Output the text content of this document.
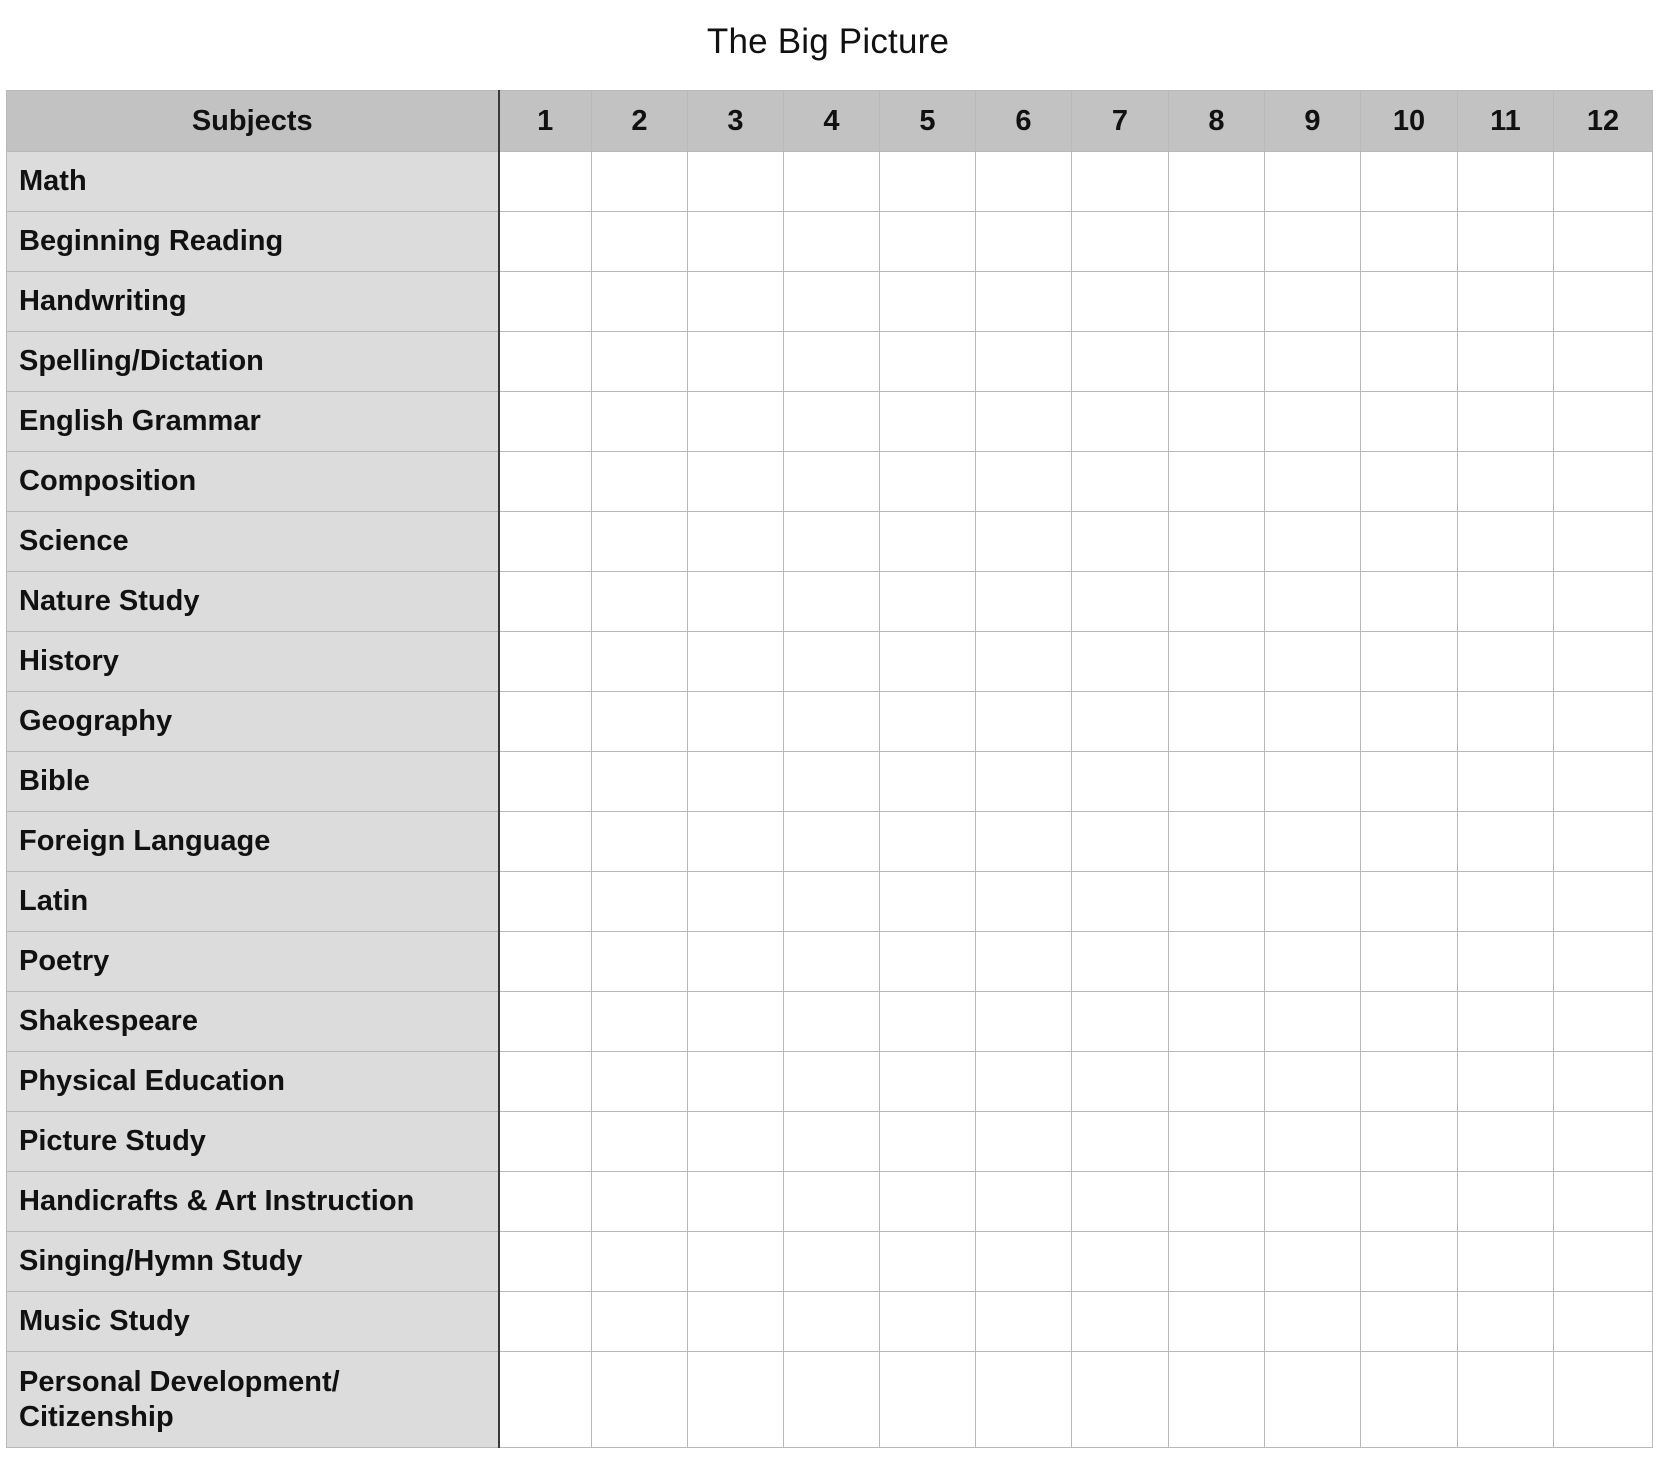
The Big Picture
Subjects	1	2	3	4	5	6	7	8	9	10	11	12
Math												
Beginning Reading												
Handwriting												
Spelling/Dictation												
English Grammar												
Composition												
Science												
Nature Study												
History												
Geography												
Bible												
Foreign Language												
Latin												
Poetry												
Shakespeare												
Physical Education												
Picture Study												
Handicrafts & Art Instruction												
Singing/Hymn Study												
Music Study												
Personal Development/
Citizenship												
